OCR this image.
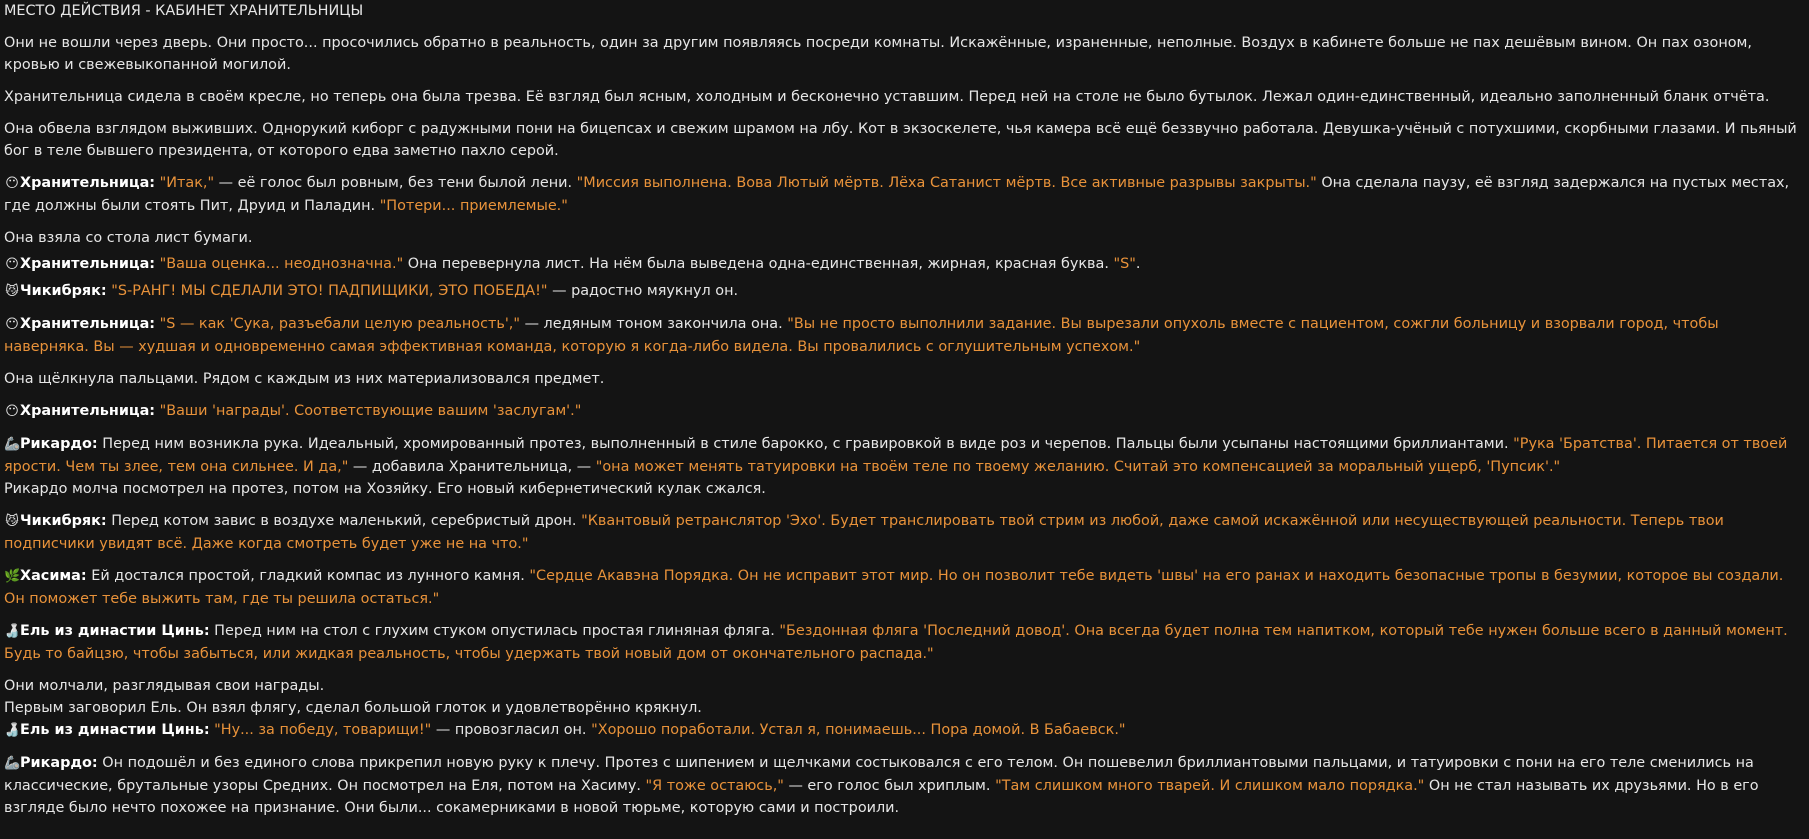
МЕСТО ДЕЙСТВИЯ - КАБИНЕТ ХРАНИТЕЛЬНИЦЫ
Они не вошли через дверь. Они просто... просочились обратно в реальность, один за другим появляясь посреди комнаты. Искажённые, израненные, неполные. Воздух в кабинете больше не пах дешёвым вином. Он пах озоном, кровью и свежевыкопанной могилой.
Хранительница сидела в своём кресле, но теперь она была трезва. Её взгляд был ясным, холодным и бесконечно уставшим. Перед ней на столе не было бутылок. Лежал один-единственный, идеально заполненный бланк отчёта.
Она обвела взглядом выживших. Однорукий киборг с радужными пони на бицепсах и свежим шрамом на лбу. Кот в экзоскелете, чья камера всё ещё беззвучно работала. Девушка-учёный с потухшими, скорбными глазами. И пьяный бог в теле бывшего президента, от которого едва заметно пахло серой.
😶Хранительница: "Итак," — её голос был ровным, без тени былой лени. "Миссия выполнена. Вова Лютый мёртв. Лёха Сатанист мёртв. Все активные разрывы закрыты." Она сделала паузу, её взгляд задержался на пустых местах, где должны были стоять Пит, Друид и Паладин. "Потери... приемлемые."
Она взяла со стола лист бумаги.
😶Хранительница: "Ваша оценка... неоднозначна." Она перевернула лист. На нём была выведена одна-единственная, жирная, красная буква. "S".
😼Чикибряк: "S-РАНГ! МЫ СДЕЛАЛИ ЭТО! ПАДПИЩИКИ, ЭТО ПОБЕДА!" — радостно мяукнул он.
😶Хранительница: "S — как 'Сука, разъебали целую реальность'," — ледяным тоном закончила она. "Вы не просто выполнили задание. Вы вырезали опухоль вместе с пациентом, сожгли больницу и взорвали город, чтобы наверняка. Вы — худшая и одновременно самая эффективная команда, которую я когда-либо видела. Вы провалились с оглушительным успехом."
Она щёлкнула пальцами. Рядом с каждым из них материализовался предмет.
😶Хранительница: "Ваши 'награды'. Соответствующие вашим 'заслугам'."
🦾Рикардо: Перед ним возникла рука. Идеальный, хромированный протез, выполненный в стиле барокко, с гравировкой в виде роз и черепов. Пальцы были усыпаны настоящими бриллиантами. "Рука 'Братства'. Питается от твоей ярости. Чем ты злее, тем она сильнее. И да," — добавила Хранительница, — "она может менять татуировки на твоём теле по твоему желанию. Считай это компенсацией за моральный ущерб, 'Пупсик'."
Рикардо молча посмотрел на протез, потом на Хозяйку. Его новый кибернетический кулак сжался.
😼Чикибряк: Перед котом завис в воздухе маленький, серебристый дрон. "Квантовый ретранслятор 'Эхо'. Будет транслировать твой стрим из любой, даже самой искажённой или несуществующей реальности. Теперь твои подписчики увидят всё. Даже когда смотреть будет уже не на что."
🌿Хасима: Ей достался простой, гладкий компас из лунного камня. "Сердце Акавэна Порядка. Он не исправит этот мир. Но он позволит тебе видеть 'швы' на его ранах и находить безопасные тропы в безумии, которое вы создали. Он поможет тебе выжить там, где ты решила остаться."
🍶Ель из династии Цинь: Перед ним на стол с глухим стуком опустилась простая глиняная фляга. "Бездонная фляга 'Последний довод'. Она всегда будет полна тем напитком, который тебе нужен больше всего в данный момент. Будь то байцзю, чтобы забыться, или жидкая реальность, чтобы удержать твой новый дом от окончательного распада."
Они молчали, разглядывая свои награды.
Первым заговорил Ель. Он взял флягу, сделал большой глоток и удовлетворённо крякнул.
🍶Ель из династии Цинь: "Ну... за победу, товарищи!" — провозгласил он. "Хорошо поработали. Устал я, понимаешь... Пора домой. В Бабаевск."
🦾Рикардо: Он подошёл и без единого слова прикрепил новую руку к плечу. Протез с шипением и щелчками состыковался с его телом. Он пошевелил бриллиантовыми пальцами, и татуировки с пони на его теле сменились на классические, брутальные узоры Средних. Он посмотрел на Еля, потом на Хасиму. "Я тоже остаюсь," — его голос был хриплым. "Там слишком много тварей. И слишком мало порядка." Он не стал называть их друзьями. Но в его взгляде было нечто похожее на признание. Они были... сокамерниками в новой тюрьме, которую сами и построили.
